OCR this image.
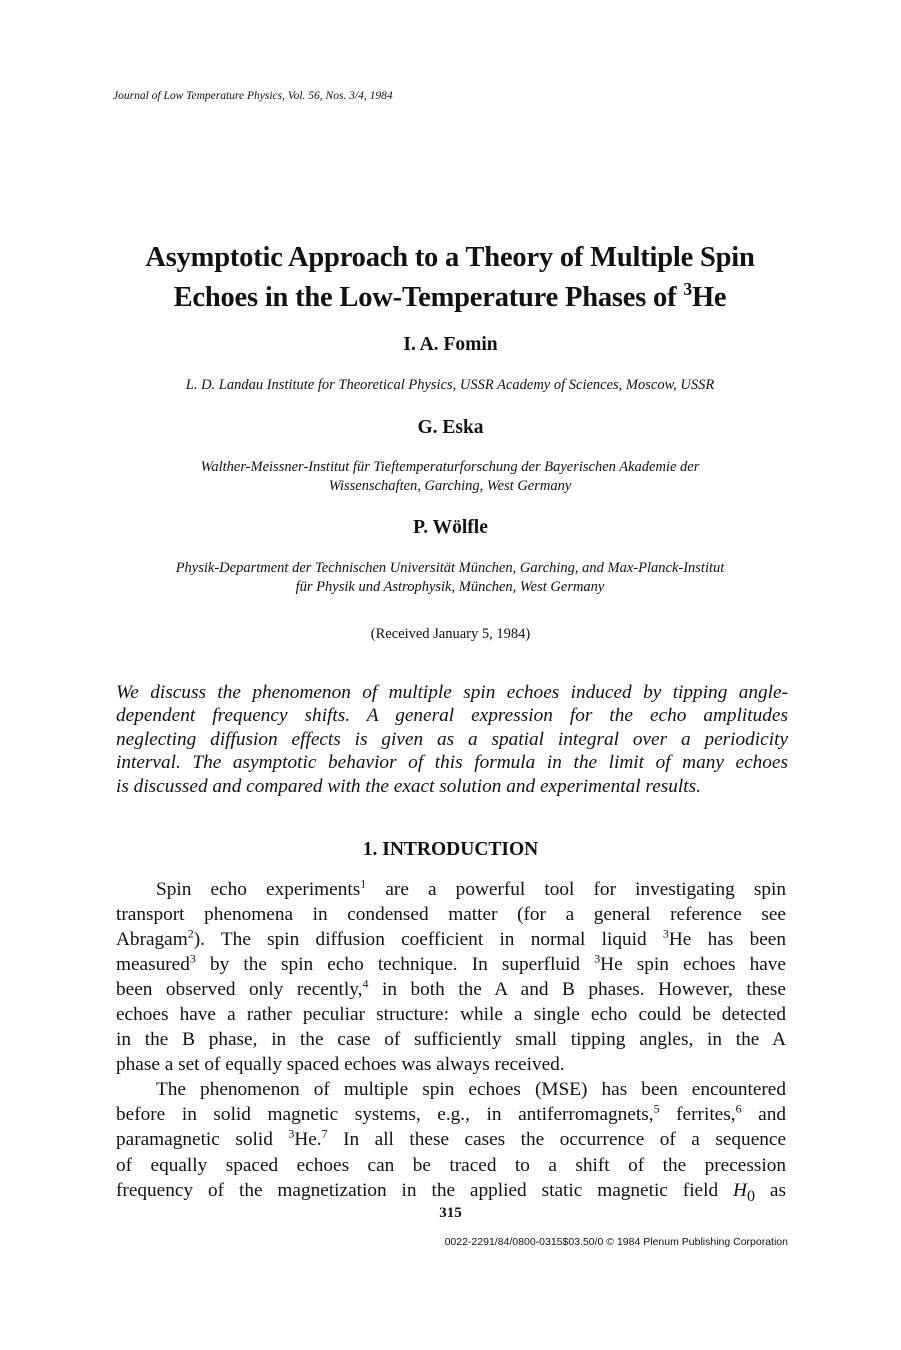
Journal of Low Temperature Physics, Vol. 56, Nos. 3/4, 1984
Asymptotic Approach to a Theory of Multiple Spin
Echoes in the Low-Temperature Phases of $^3$He
I. A. Fomin
L. D. Landau Institute for Theoretical Physics, USSR Academy of Sciences, Moscow, USSR
G. Eska
Walther-Meissner-Institut für Tieftemperaturforschung der Bayerischen Akademie der
Wissenschaften, Garching, West Germany
P. Wölfle
Physik-Department der Technischen Universität München, Garching, and Max-Planck-Institut
für Physik und Astrophysik, München, West Germany
(Received January 5, 1984)
We discuss the phenomenon of multiple spin echoes induced by tipping angle-
dependent frequency shifts. A general expression for the echo amplitudes
neglecting diffusion effects is given as a spatial integral over a periodicity
interval. The asymptotic behavior of this formula in the limit of many echoes
is discussed and compared with the exact solution and experimental results.
1. INTRODUCTION
Spin echo experiments$^1$ are a powerful tool for investigating spin
transport phenomena in condensed matter (for a general reference see
Abragam$^2$). The spin diffusion coefficient in normal liquid $^3$He has been
measured$^3$ by the spin echo technique. In superfluid $^3$He spin echoes have
been observed only recently,$^4$ in both the A and B phases. However, these
echoes have a rather peculiar structure: while a single echo could be detected
in the B phase, in the case of sufficiently small tipping angles, in the A
phase a set of equally spaced echoes was always received.
The phenomenon of multiple spin echoes (MSE) has been encountered
before in solid magnetic systems, e.g., in antiferromagnets,$^5$ ferrites,$^6$ and
paramagnetic solid $^3$He.$^7$ In all these cases the occurrence of a sequence
of equally spaced echoes can be traced to a shift of the precession
frequency of the magnetization in the applied static magnetic field $H_0$ as
315
0022-2291/84/0800-0315$03.50/0 © 1984 Plenum Publishing Corporation
